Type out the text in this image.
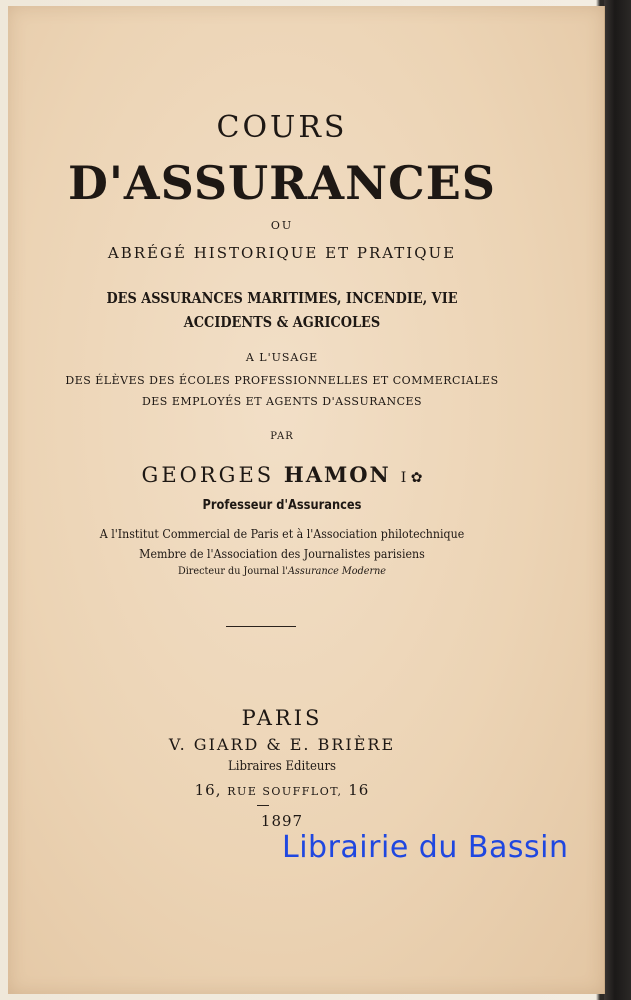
COURS
D'ASSURANCES
OU
ABRÉGÉ HISTORIQUE ET PRATIQUE
DES ASSURANCES MARITIMES, INCENDIE, VIE
ACCIDENTS & AGRICOLES
A L'USAGE
DES ÉLÈVES DES ÉCOLES PROFESSIONNELLES ET COMMERCIALES
DES EMPLOYÉS ET AGENTS D'ASSURANCES
PAR
GEORGES HAMON I ✿
Professeur d'Assurances
A l'Institut Commercial de Paris et à l'Association philotechnique
Membre de l'Association des Journalistes parisiens
Directeur du Journal l'Assurance Moderne
PARIS
V. GIARD & E. BRIÈRE
Libraires Editeurs
16, RUE SOUFFLOT, 16
1897
Librairie du Bassin
